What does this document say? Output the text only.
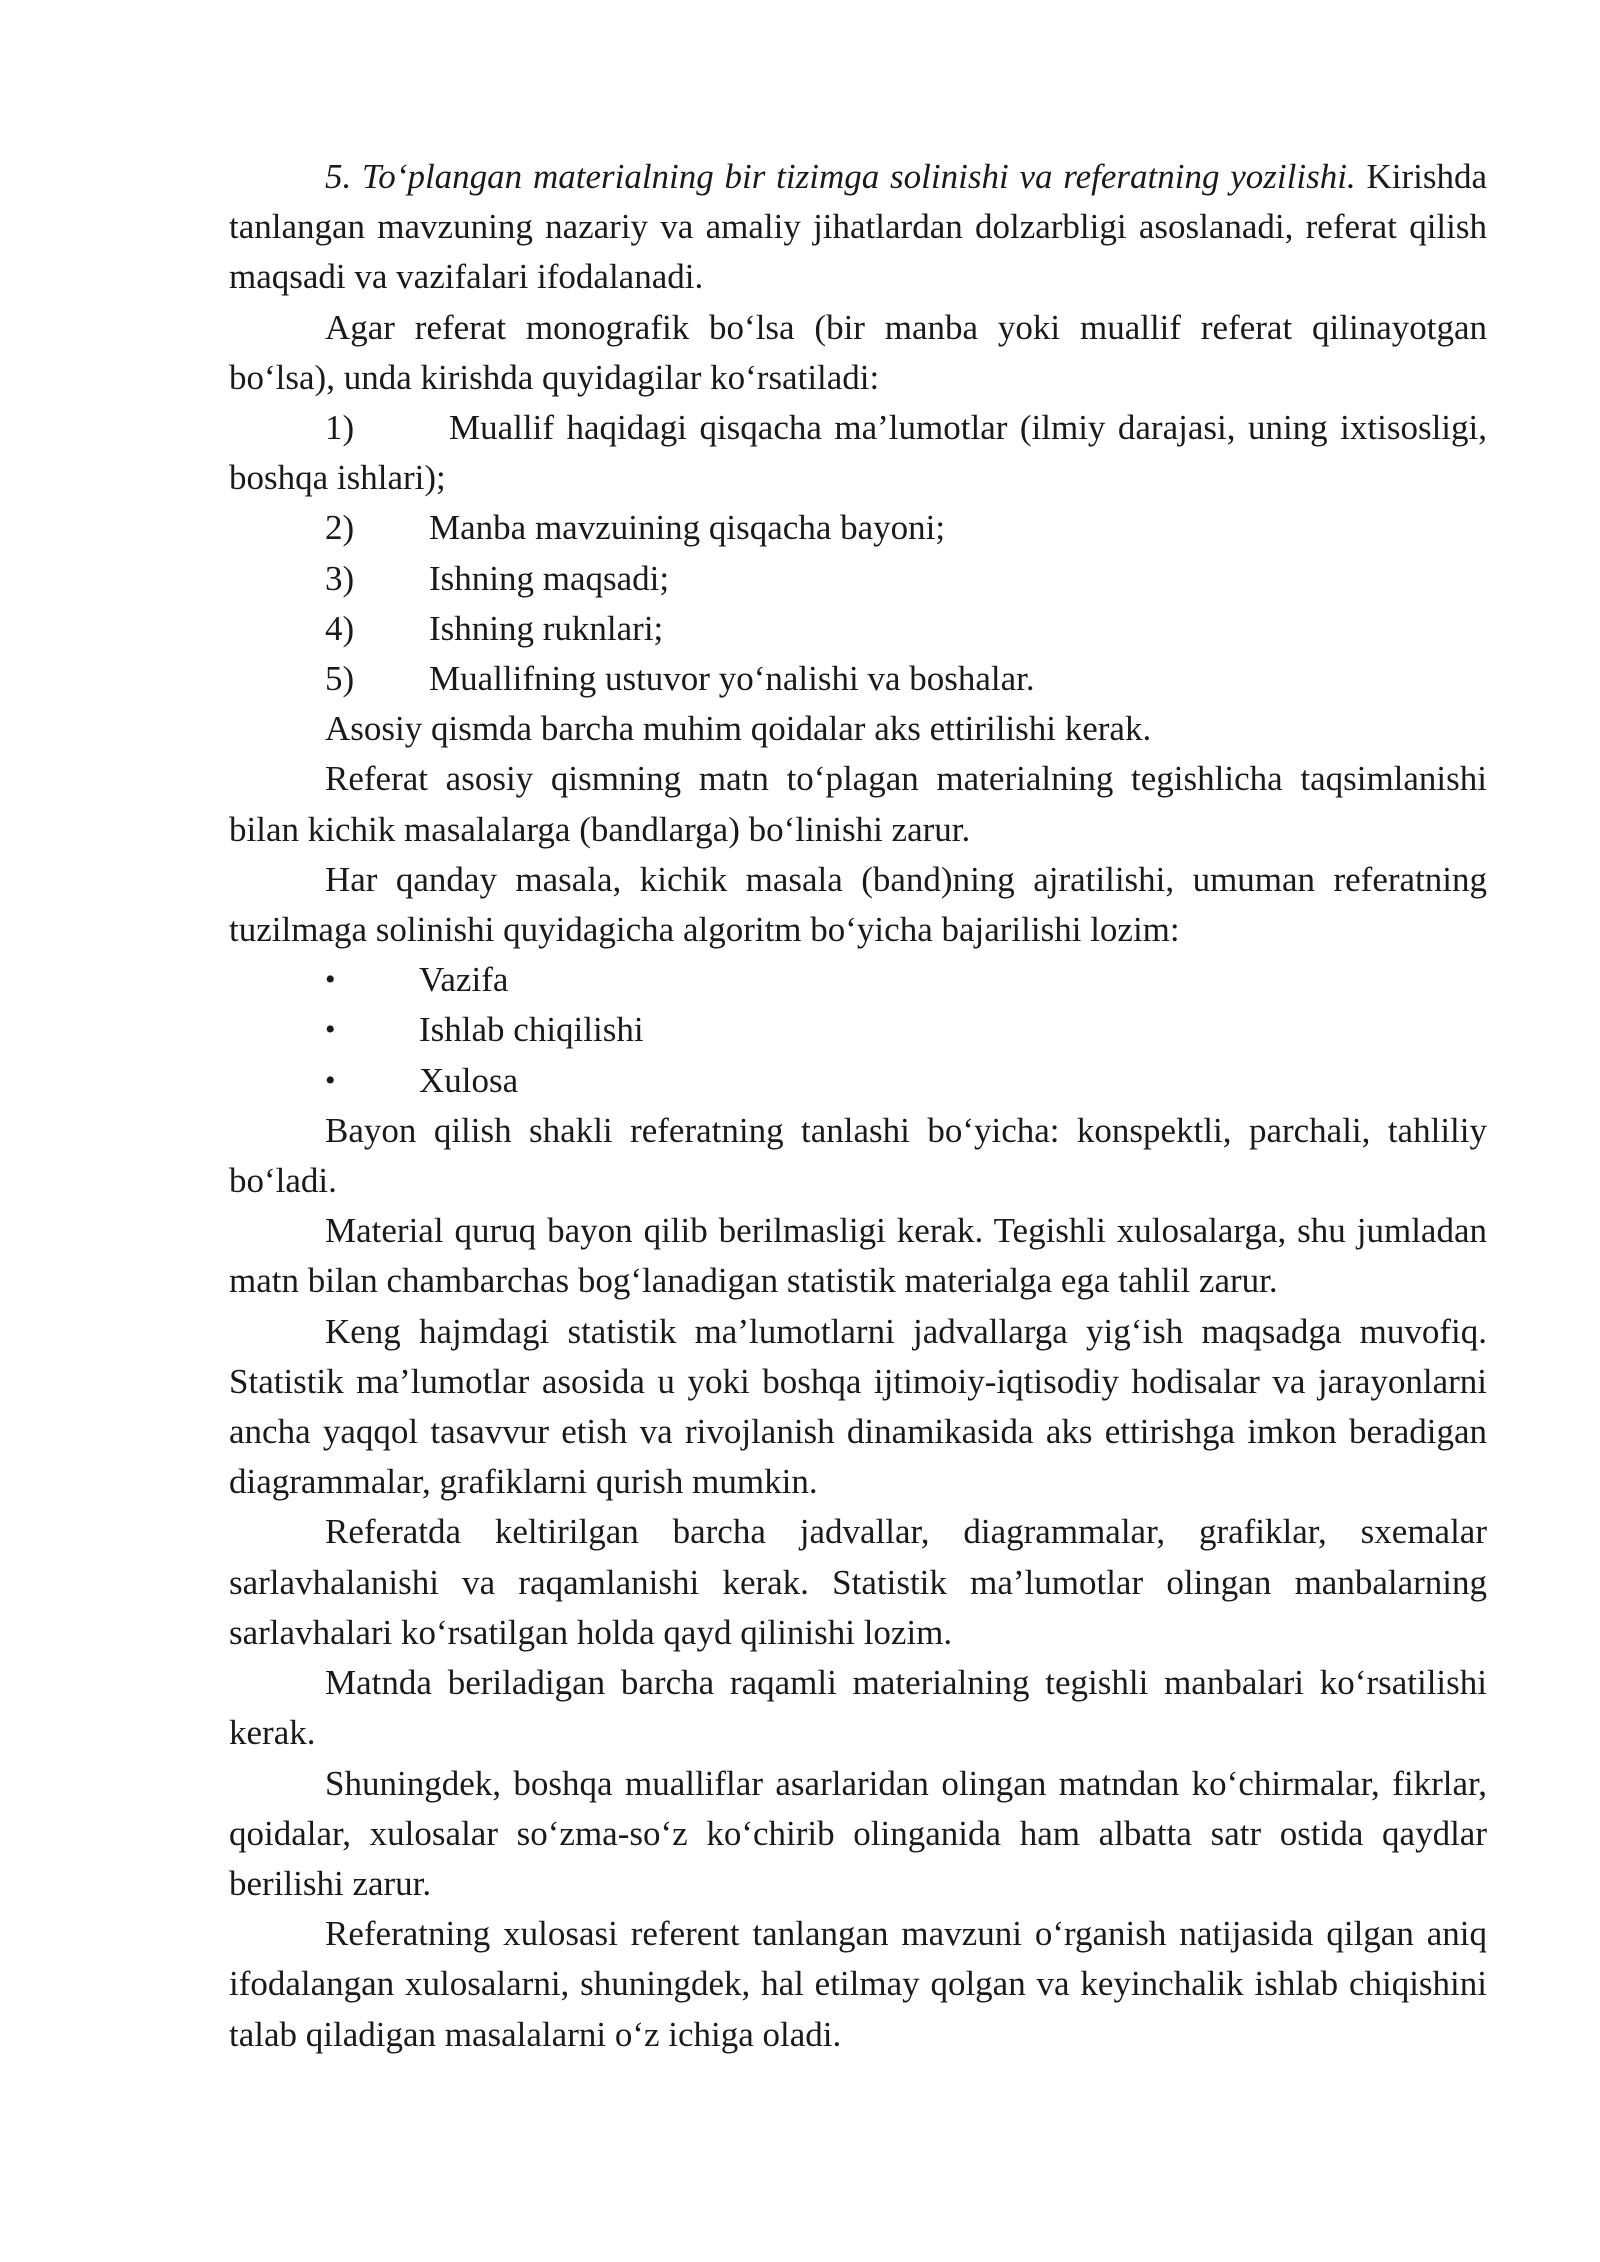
5. To‘plangan materialning bir tizimga solinishi va referatning yozilishi. Kirishda tanlangan mavzuning nazariy va amaliy jihatlardan dolzarbligi asoslanadi, referat qilish maqsadi va vazifalari ifodalanadi.

Agar referat monografik bo‘lsa (bir manba yoki muallif referat qilinayotgan bo‘lsa), unda kirishda quyidagilar ko‘rsatiladi:

1)	Muallif haqidagi qisqacha ma’lumotlar (ilmiy darajasi, uning ixtisosligi, boshqa ishlari);
2)	Manba mavzuining qisqacha bayoni;
3)	Ishning maqsadi;
4)	Ishning ruknlari;
5)	Muallifning ustuvor yo‘nalishi va boshalar.

Asosiy qismda barcha muhim qoidalar aks ettirilishi kerak.

Referat asosiy qismning matn to‘plagan materialning tegishlicha taqsimlanishi bilan kichik masalalarga (bandlarga) bo‘linishi zarur.

Har qanday masala, kichik masala (band)ning ajratilishi, umuman referatning tuzilmaga solinishi quyidagicha algoritm bo‘yicha bajarilishi lozim:

•	Vazifa
•	Ishlab chiqilishi
•	Xulosa

Bayon qilish shakli referatning tanlashi bo‘yicha: konspektli, parchali, tahliliy bo‘ladi.

Material quruq bayon qilib berilmasligi kerak. Tegishli xulosalarga, shu jumladan matn bilan chambarchas bog‘lanadigan statistik materialga ega tahlil zarur.

Keng hajmdagi statistik ma’lumotlarni jadvallarga yig‘ish maqsadga muvofiq. Statistik ma’lumotlar asosida u yoki boshqa ijtimoiy-iqtisodiy hodisalar va jarayonlarni ancha yaqqol tasavvur etish va rivojlanish dinamikasida aks ettirishga imkon beradigan diagrammalar, grafiklarni qurish mumkin.

Referatda keltirilgan barcha jadvallar, diagrammalar, grafiklar, sxemalar sarlavhalanishi va raqamlanishi kerak. Statistik ma’lumotlar olingan manbalarning sarlavhalari ko‘rsatilgan holda qayd qilinishi lozim.

Matnda beriladigan barcha raqamli materialning tegishli manbalari ko‘rsatilishi kerak.

Shuningdek, boshqa mualliflar asarlaridan olingan matndan ko‘chirmalar, fikrlar, qoidalar, xulosalar so‘zma-so‘z ko‘chirib olinganida ham albatta satr ostida qaydlar berilishi zarur.

Referatning xulosasi referent tanlangan mavzuni o‘rganish natijasida qilgan aniq ifodalangan xulosalarni, shuningdek, hal etilmay qolgan va keyinchalik ishlab chiqishini talab qiladigan masalalarni o‘z ichiga oladi.
